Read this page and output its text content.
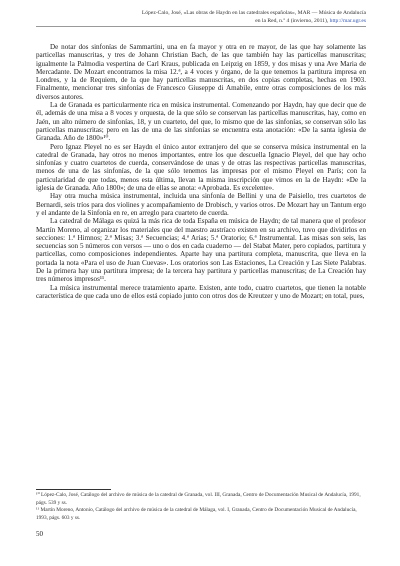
López-Calo, José, «Las obras de Haydn en las catedrales españolas», MAR — Música de Andalucía
en la Red, n.º 4 (invierno, 2011), http://mar.ugr.es

De notar dos sinfonías de Sammartini, una en fa mayor y otra en re mayor, de las que hay solamente las particellas manuscritas, y tres de Johann Christian Bach, de las que también hay las particellas manuscritas; igualmente la Palmodia vespertina de Carl Kraus, publicada en Leipzig en 1859, y dos misas y una Ave Maria de Mercadante. De Mozart encontramos la misa 12.ª, a 4 voces y órgano, de la que tenemos la partitura impresa en Londres, y la de Requiem, de la que hay particellas manuscritas, en dos copias completas, hechas en 1903. Finalmente, mencionar tres sinfonías de Francesco Giuseppe di Amabile, entre otras composiciones de los más diversos autores.

La de Granada es particularmente rica en música instrumental. Comenzando por Haydn, hay que decir que de él, además de una misa a 8 voces y orquesta, de la que sólo se conservan las particellas manuscritas, hay, como en Jaén, un alto número de sinfonías, 18, y un cuarteto, del que, lo mismo que de las sinfonías, se conservan sólo las particellas manuscritas; pero en las de una de las sinfonías se encuentra esta anotación: «De la santa iglesia de Granada. Año de 1800»¹⁰.

Pero Ignaz Pleyel no es ser Haydn el único autor extranjero del que se conserva música instrumental en la catedral de Granada, hay otros no menos importantes, entre los que descuella Ignacio Pleyel, del que hay ocho sinfonías y cuatro cuartetos de cuerda, conservándose de unas y de otras las respectivas particellas manuscritas, menos de una de las sinfonías, de la que sólo tenemos las impresas por el mismo Pleyel en París; con la particularidad de que todas, menos esta última, llevan la misma inscripción que vimos en la de Haydn: «De la iglesia de Granada. Año 1800»; de una de ellas se anota: «Aprobada. Es excelente».

Hay otra mucha música instrumental, incluida una sinfonía de Bellini y una de Paisiello, tres cuartetos de Bernardi, seis tríos para dos violines y acompañamiento de Drobisch, y varios otros. De Mozart hay un Tantum ergo y el andante de la Sinfonía en re, en arreglo para cuarteto de cuerda.

La catedral de Málaga es quizá la más rica de toda España en música de Haydn; de tal manera que el profesor Martín Moreno, al organizar los materiales que del maestro austríaco existen en su archivo, tuvo que dividirlos en secciones: 1.ª Himnos; 2.ª Misas; 3.ª Secuencias; 4.ª Arias; 5.ª Oratorio; 6.ª Instrumental. Las misas son seis, las secuencias son 5 números con versos — uno o dos en cada cuaderno — del Stabat Mater, pero copiados, partitura y particellas, como composiciones independientes. Aparte hay una partitura completa, manuscrita, que lleva en la portada la nota «Para el uso de Juan Cuevas». Los oratorios son Las Estaciones, La Creación y Las Siete Palabras. De la primera hay una partitura impresa; de la tercera hay partitura y particellas manuscritas; de La Creación hay tres números impresos¹¹.

La música instrumental merece tratamiento aparte. Existen, ante todo, cuatro cuartetos, que tienen la notable característica de que cada uno de ellos está copiado junto con otros dos de Kreutzer y uno de Mozart; en total, pues,

¹⁰ López-Calo, José, Catálogo del archivo de música de la catedral de Granada, vol. III, Granada, Centro de Documentación Musical de Andalucía, 1991, págs. 539 y ss.

¹¹ Martín Moreno, Antonio, Catálogo del archivo de música de la catedral de Málaga, vol. I, Granada, Centro de Documentación Musical de Andalucía, 1993, págs. 603 y ss.

50
